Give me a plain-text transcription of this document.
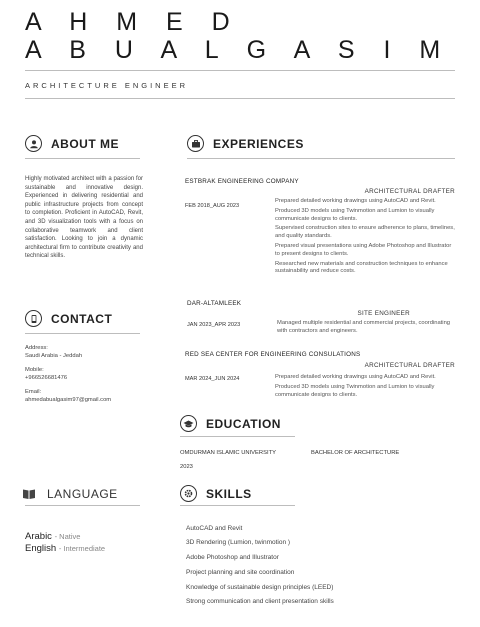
A H M E D
A B U A L G A S I M
ARCHITECTURE ENGINEER
ABOUT ME
Highly motivated architect with a passion for sustainable and innovative design. Experienced in delivering residential and public infrastructure projects from concept to completion. Proficient in AutoCAD, Revit, and 3D visualization tools with a focus on collaborative teamwork and client satisfaction. Looking to join a dynamic architectural firm to contribute creativity and technical skills.
CONTACT
Address:
Saudi Arabia - Jeddah
Mobile:
+966526681476
Email:
ahmedabualgasim97@gmail.com
LANGUAGE
Arabic - Native
English - Intermediate
EXPERIENCES
ESTBRAK ENGINEERING COMPANY
ARCHITECTURAL DRAFTER
FEB 2018_AUG 2023
Prepared detailed working drawings using AutoCAD and Revit.
Produced 3D models using Twinmotion and Lumion to visually communicate designs to clients.
Supervised construction sites to ensure adherence to plans, timelines, and quality standards.
Prepared visual presentations using Adobe Photoshop and Illustrator to present designs to clients.
Researched new materials and construction techniques to enhance sustainability and reduce costs.
DAR-ALTAMLEEK
SITE ENGINEER
JAN 2023_APR 2023	Managed multiple residential and commercial projects, coordinating with contractors and engineers.
RED SEA CENTER FOR ENGINEERING CONSULATIONS
ARCHITECTURAL DRAFTER
MAR 2024_JUN 2024	Prepared detailed working drawings using AutoCAD and Revit.
Produced 3D models using Twinmotion and Lumion to visually communicate designs to clients.
EDUCATION
OMDURMAN ISLAMIC UNIVERSITY	BACHELOR OF ARCHITECTURE
2023
SKILLS
AutoCAD and Revit
3D Rendering (Lumion, twinmotion )
Adobe Photoshop and Illustrator
Project planning and site coordination
Knowledge of sustainable design principles (LEED)
Strong communication and client presentation skills
